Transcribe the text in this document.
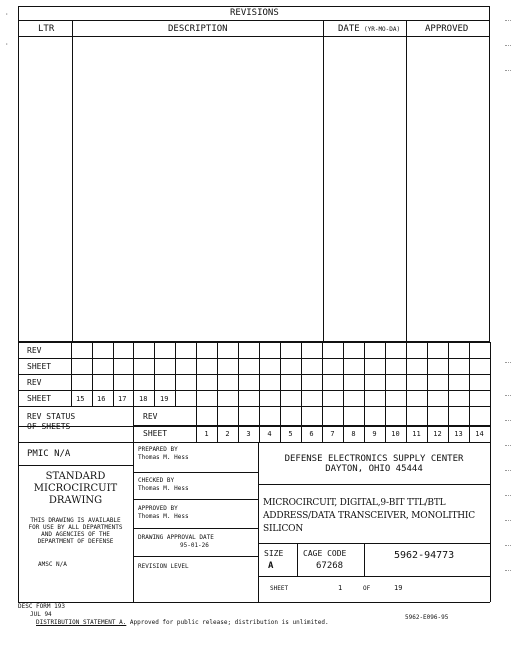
REVISIONS
LTR	DESCRIPTION	DATE (YR-MO-DA)	APPROVED
REV
SHEET
REV
SHEET	15 16 17 18 19
REV STATUS
OF SHEETS
REV
SHEET	1	2	3	4	5	6	7	8	9	10	11	12	13	14
PMIC N/A
STANDARD
MICROCIRCUIT
DRAWING
THIS DRAWING IS AVAILABLE
FOR USE BY ALL DEPARTMENTS
AND AGENCIES OF THE
DEPARTMENT OF DEFENSE
AMSC N/A
PREPARED BY
Thomas M. Hess
CHECKED BY
Thomas M. Hess
APPROVED BY
Thomas M. Hess
DRAWING APPROVAL DATE
95-01-26
REVISION LEVEL
DEFENSE ELECTRONICS SUPPLY CENTER
DAYTON, OHIO 45444
MICROCIRCUIT, DIGITAL,9-BIT TTL/BTL
ADDRESS/DATA TRANSCEIVER, MONOLITHIC
SILICON
SIZE
A
CAGE CODE
67268
5962-94773
SHEET	1	OF	19
DESC FORM 193
JUL 94
DISTRIBUTION STATEMENT A. Approved for public release; distribution is unlimited.
5962-E096-95
·
·
